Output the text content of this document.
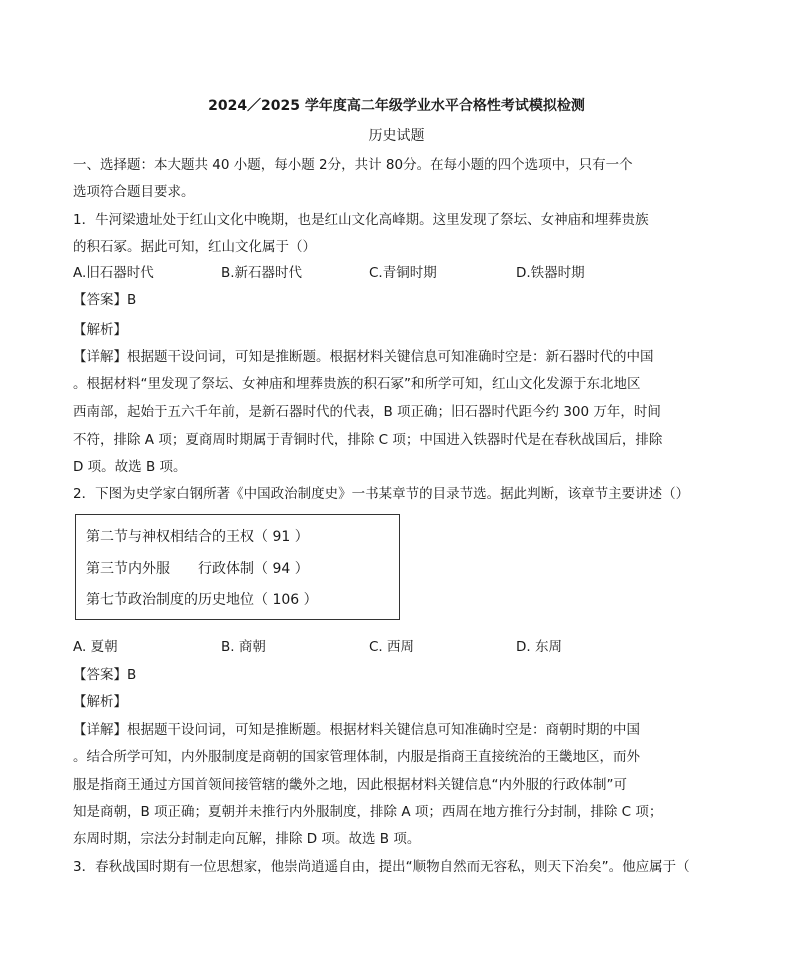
2024／2025 学年度高二年级学业水平合格性考试模拟检测
历史试题
一、选择题：本大题共 40 小题，每小题 2分，共计 80分。在每小题的四个选项中，只有一个
选项符合题目要求。
1．牛河梁遗址处于红山文化中晚期，也是红山文化高峰期。这里发现了祭坛、女神庙和埋葬贵族
的积石冢。据此可知，红山文化属于（）
A.旧石器时代	B.新石器时代	C.青铜时期	D.铁器时期
【答案】B
【解析】
【详解】根据题干设问词，可知是推断题。根据材料关键信息可知准确时空是：新石器时代的中国
。根据材料“里发现了祭坛、女神庙和埋葬贵族的积石冢”和所学可知，红山文化发源于东北地区
西南部，起始于五六千年前，是新石器时代的代表，B 项正确；旧石器时代距今约 300 万年，时间
不符，排除 A 项；夏商周时期属于青铜时代，排除 C 项；中国进入铁器时代是在春秋战国后，排除
D 项。故选 B 项。
2．下图为史学家白钢所著《中国政治制度史》一书某章节的目录节选。据此判断，该章节主要讲述（）
第二节与神权相结合的王权（ 91 ）
第三节内外服　　行政体制（ 94 ）
第七节政治制度的历史地位（ 106 ）
A. 夏朝	B. 商朝	C. 西周	D. 东周
【答案】B
【解析】
【详解】根据题干设问词，可知是推断题。根据材料关键信息可知准确时空是：商朝时期的中国
。结合所学可知，内外服制度是商朝的国家管理体制，内服是指商王直接统治的王畿地区，而外
服是指商王通过方国首领间接管辖的畿外之地，因此根据材料关键信息“内外服的行政体制”可
知是商朝，B 项正确；夏朝并未推行内外服制度，排除 A 项；西周在地方推行分封制，排除 C 项；
东周时期，宗法分封制走向瓦解，排除 D 项。故选 B 项。
3．春秋战国时期有一位思想家，他崇尚逍遥自由，提出“顺物自然而无容私，则天下治矣”。他应属于（
